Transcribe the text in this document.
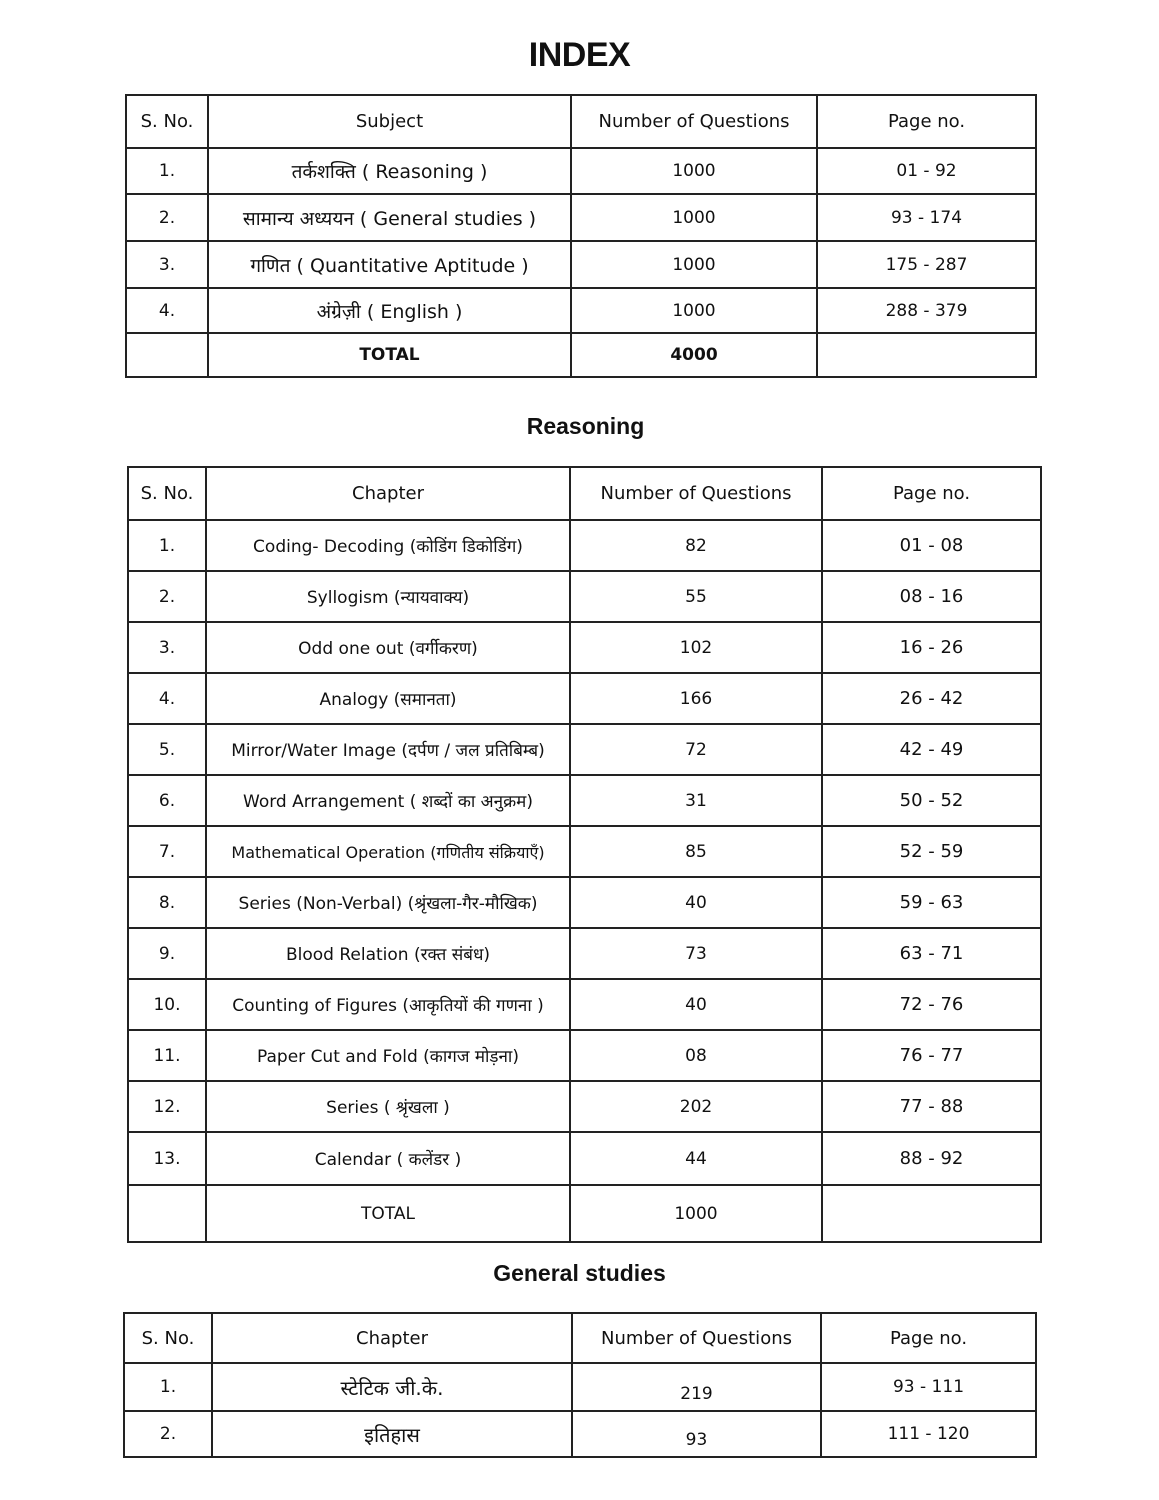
INDEX
S. No.	Subject	Number of Questions	Page no.
1.	तर्कशक्ति ( Reasoning )	1000	01 - 92
2.	सामान्य अध्ययन ( General studies )	1000	93 - 174
3.	गणित ( Quantitative Aptitude )	1000	175 - 287
4.	अंग्रेज़ी ( English )	1000	288 - 379
	TOTAL	4000	
Reasoning
S. No.	Chapter	Number of Questions	Page no.
1.	Coding- Decoding (कोडिंग डिकोडिंग)	82	01 - 08
2.	Syllogism (न्यायवाक्य)	55	08 - 16
3.	Odd one out (वर्गीकरण)	102	16 - 26
4.	Analogy (समानता)	166	26 - 42
5.	Mirror/Water Image (दर्पण / जल प्रतिबिम्ब)	72	42 - 49
6.	Word Arrangement ( शब्दों का अनुक्रम)	31	50 - 52
7.	Mathematical Operation (गणितीय संक्रियाएँ)	85	52 - 59
8.	Series (Non-Verbal) (श्रृंखला-गैर-मौखिक)	40	59 - 63
9.	Blood Relation (रक्त संबंध)	73	63 - 71
10.	Counting of Figures (आकृतियों की गणना )	40	72 - 76
11.	Paper Cut and Fold (कागज मोड़ना)	08	76 - 77
12.	Series ( श्रृंखला )	202	77 - 88
13.	Calendar ( कलेंडर )	44	88 - 92
	TOTAL	1000	
General studies
S. No.	Chapter	Number of Questions	Page no.
1.	स्टेटिक जी.के.	219	93 - 111
2.	इतिहास	93	111 - 120
